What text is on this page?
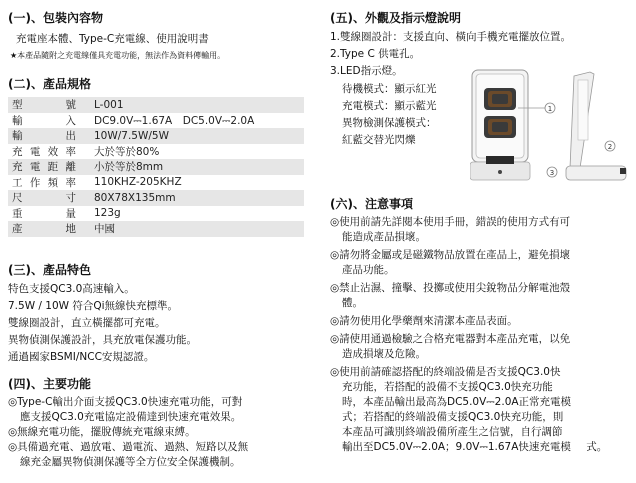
(一)、包裝內容物
充電座本體、Type-C充電線、使用說明書
★本產品隨附之充電線僅具充電功能，無法作為資料傳輸用。
(二)、產品規格
型　號	L-001
輸　入	DC9.0V⎓1.67A　DC5.0V⎓2.0A
輸　出	10W/7.5W/5W
充電效率	大於等於80%
充電距離	小於等於8mm
工作頻率	110KHZ-205KHZ
尺　寸	80X78X135mm
重　量	123g
產　地	中國
(三)、產品特色
特色支援QC3.0高速輸入。
7.5W / 10W 符合Qi無線快充標準。
雙線圈設計，直立橫擺都可充電。
異物偵測保護設計，具充放電保護功能。
通過國家BSMI/NCC安規認證。
(四)、主要功能
◎Type-C輸出介面支援QC3.0快速充電功能，可對
應支援QC3.0充電協定設備達到快速充電效果。
◎無線充電功能，擺脫傳統充電線束縛。
◎具備過充電、過放電、過電流、過熱、短路以及無
線充金屬異物偵測保護等全方位安全保護機制。
(五)、外觀及指示燈說明
1.雙線圈設計：支援直向、橫向手機充電擺放位置。
2.Type C 供電孔。
3.LED指示燈。
待機模式：顯示紅光
充電模式：顯示藍光
異物檢測保護模式：
紅藍交替光閃爍
1
2
3
(六)、注意事項
◎使用前請先詳閱本使用手冊，錯誤的使用方式有可
能造成產品損壞。
◎請勿將金屬或是磁鐵物品放置在產品上，避免損壞
產品功能。
◎禁止沾濕、撞擊、投擲或使用尖銳物品分解電池殼
體。
◎請勿使用化學藥劑來清潔本產品表面。
◎請使用通過檢驗之合格充電器對本產品充電，以免
造成損壞及危險。
◎使用前請確認搭配的終端設備是否支援QC3.0快
充功能，若搭配的設備不支援QC3.0快充功能 時，本產品輸出最高為DC5.0V⎓2.0A正常充電模 式；若搭配的終端設備支援QC3.0快充功能，則 本產品可識別終端設備所產生之信號，自行調節 輸出至DC5.0V⎓2.0A；9.0V⎓1.67A快速充電模 式。
